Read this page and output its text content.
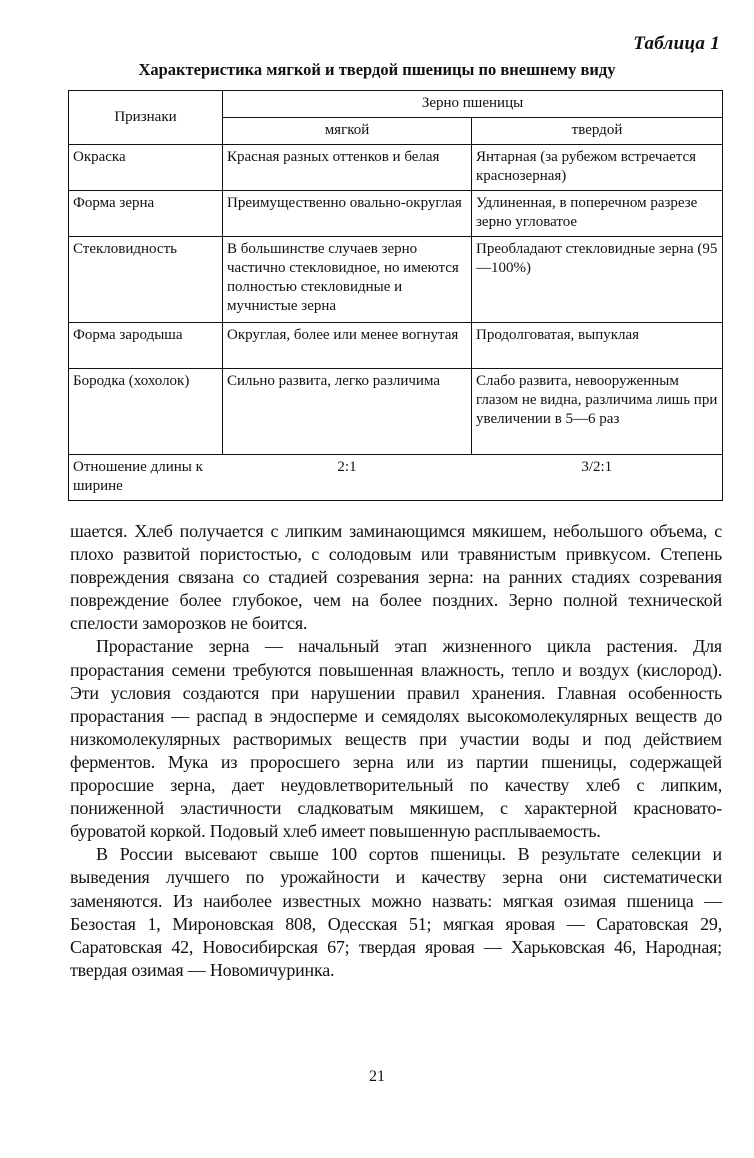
Таблица 1
Характеристика мягкой и твердой пшеницы по внешнему виду
Признаки	Зерно пшеницы	
	мягкой	твердой
Окраска	Красная разных оттенков и белая	Янтарная (за рубежом встречается краснозерная)
Форма зерна	Преимущественно овально-округлая	Удлиненная, в поперечном разрезе зерно угловатое
Стекловидность	В большинстве случаев зерно частично стекловидное, но имеются полностью стекловидные и мучнистые зерна	Преобладают стекловидные зерна (95—100%)
Форма зародыша	Округлая, более или менее вогнутая	Продолговатая, выпуклая
Бородка (хохолок)	Сильно развита, легко различима	Слабо развита, невооруженным глазом не видна, различима лишь при увеличении в 5—6 раз
Отношение длины к ширине	2:1	3/2:1

шается. Хлеб получается с липким заминающимся мякишем, небольшого объема, с плохо развитой пористостью, с солодовым или травянистым привкусом. Степень повреждения связана со стадией созревания зерна: на ранних стадиях созревания повреждение более глубокое, чем на более поздних. Зерно полной технической спелости заморозков не боится.

Прорастание зерна — начальный этап жизненного цикла растения. Для прорастания семени требуются повышенная влажность, тепло и воздух (кислород). Эти условия создаются при нарушении правил хранения. Главная особенность прорастания — распад в эндосперме и семядолях высокомолекулярных веществ до низкомолекулярных растворимых веществ при участии воды и под действием ферментов. Мука из проросшего зерна или из партии пшеницы, содержащей проросшие зерна, дает неудовлетворительный по качеству хлеб с липким, пониженной эластичности сладковатым мякишем, с характерной красновато-буроватой коркой. Подовый хлеб имеет повышенную расплываемость.

В России высевают свыше 100 сортов пшеницы. В результате селекции и выведения лучшего по урожайности и качеству зерна они систематически заменяются. Из наиболее известных можно назвать: мягкая озимая пшеница — Безостая 1, Мироновская 808, Одесская 51; мягкая яровая — Саратовская 29, Саратовская 42, Новосибирская 67; твердая яровая — Харьковская 46, Народная; твердая озимая — Новомичуринка.

21
